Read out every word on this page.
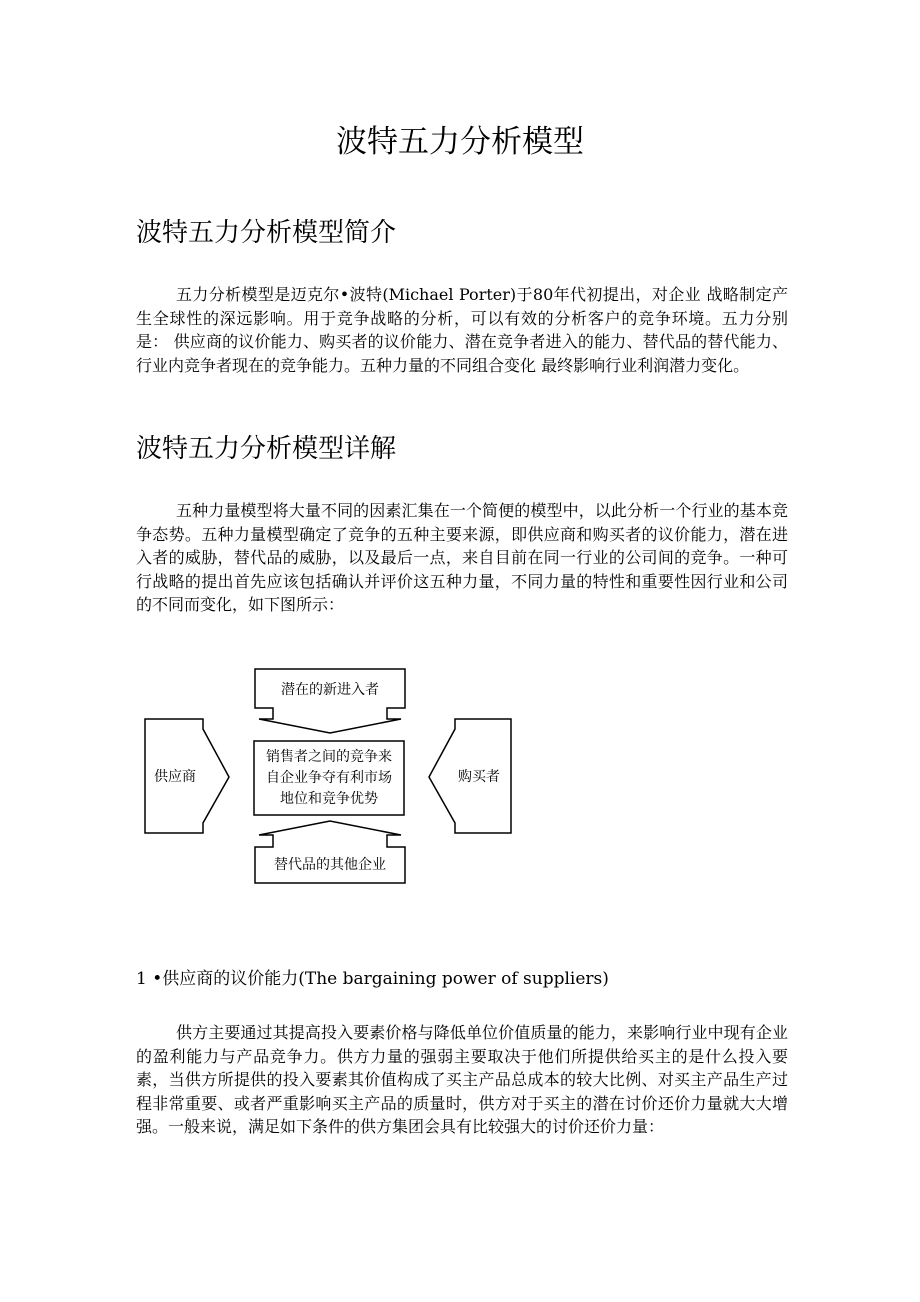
波特五力分析模型
波特五力分析模型简介

五力分析模型是迈克尔•波特(Michael Porter)于80年代初提出，对企业 战略制定产生全球性的深远影响。用于竞争战略的分析，可以有效的分析客户的竞争环境。五力分别是： 供应商的议价能力、购买者的议价能力、潜在竞争者进入的能力、替代品的替代能力、行业内竞争者现在的竞争能力。五种力量的不同组合变化 最终影响行业利润潜力变化。

波特五力分析模型详解

五种力量模型将大量不同的因素汇集在一个简便的模型中，以此分析一个行业的基本竞争态势。五种力量模型确定了竞争的五种主要来源，即供应商和购买者的议价能力，潜在进入者的威胁，替代品的威胁，以及最后一点，来自目前在同一行业的公司间的竞争。一种可行战略的提出首先应该包括确认并评价这五种力量，不同力量的特性和重要性因行业和公司的不同而变化，如下图所示：

潜在的新进入者
供应商	购买者
销售者之间的竞争来
自企业争夺有利市场
地位和竞争优势
替代品的其他企业
1 •供应商的议价能力(The bargaining power of suppliers)

供方主要通过其提高投入要素价格与降低单位价值质量的能力，来影响行业中现有企业的盈利能力与产品竞争力。供方力量的强弱主要取决于他们所提供给买主的是什么投入要素，当供方所提供的投入要素其价值构成了买主产品总成本的较大比例、对买主产品生产过程非常重要、或者严重影响买主产品的质量时，供方对于买主的潜在讨价还价力量就大大增强。一般来说，满足如下条件的供方集团会具有比较强大的讨价还价力量：
